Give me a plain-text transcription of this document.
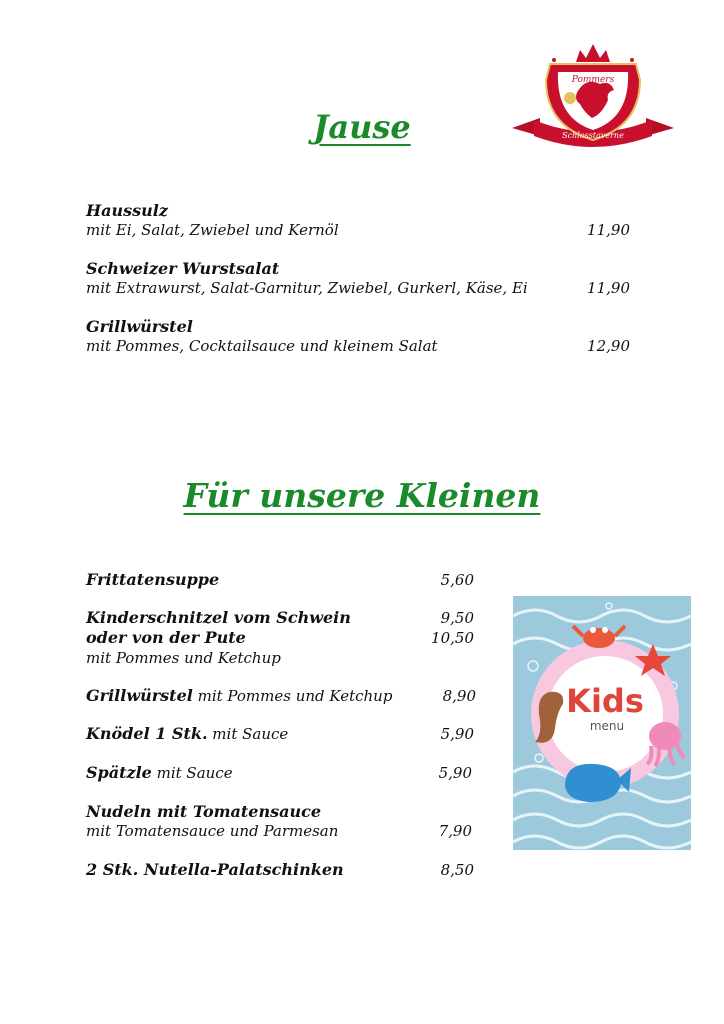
Pommers
Schlosstaverne
Jause
Haussulz
mit Ei, Salat, Zwiebel und Kernöl	11,90
Schweizer Wurstsalat
mit Extrawurst, Salat-Garnitur, Zwiebel, Gurkerl, Käse, Ei	11,90
Grillwürstel
mit Pommes, Cocktailsauce und kleinem Salat	12,90
Für unsere Kleinen
Frittatensuppe	5,60
Kinderschnitzel vom Schwein	9,50
oder von der Pute	10,50
mit Pommes und Ketchup
Grillwürstel mit Pommes und Ketchup	8,90
Knödel 1 Stk. mit Sauce	5,90
Spätzle mit Sauce	5,90
Nudeln mit Tomatensauce
mit Tomatensauce und Parmesan	7,90
2 Stk. Nutella-Palatschinken	8,50
Kids
menu
